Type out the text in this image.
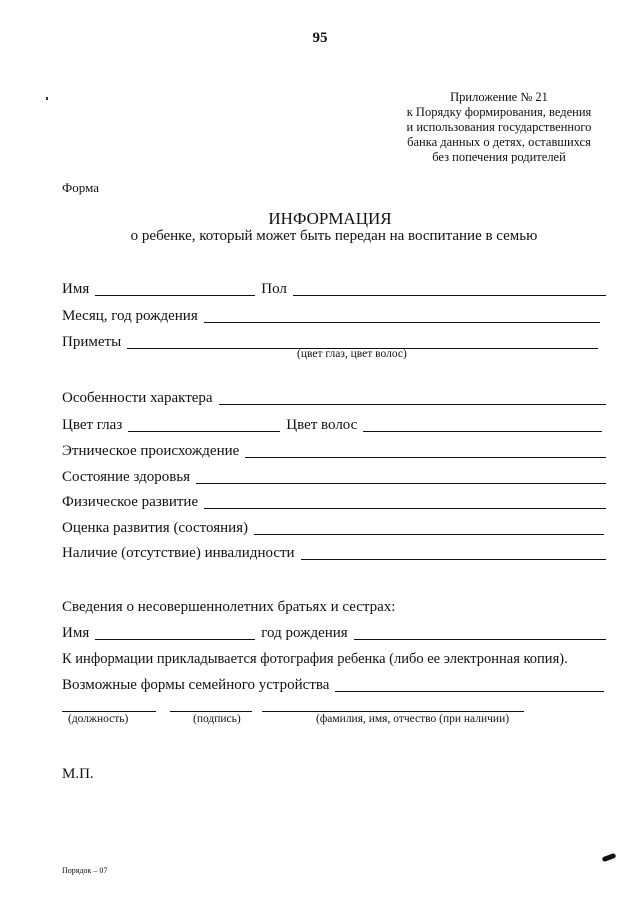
95
Приложение № 21
к Порядку формирования, ведения
и использования государственного
банка данных о детях, оставшихся
без попечения родителей
Форма
ИНФОРМАЦИЯ
о ребенке, который может быть передан на воспитание в семью
Имя	Пол
Месяц, год рождения
Приметы
(цвет глаз, цвет волос)
Особенности характера
Цвет глаз	Цвет волос
Этническое происхождение
Состояние здоровья
Физическое развитие
Оценка развития (состояния)
Наличие (отсутствие) инвалидности
Сведения о несовершеннолетних братьях и сестрах:
Имя	год рождения
К информации прикладывается фотография ребенка (либо ее электронная копия).
Возможные формы семейного устройства
(должность)	(подпись)	(фамилия, имя, отчество (при наличии)
М.П.
Порядок – 07
